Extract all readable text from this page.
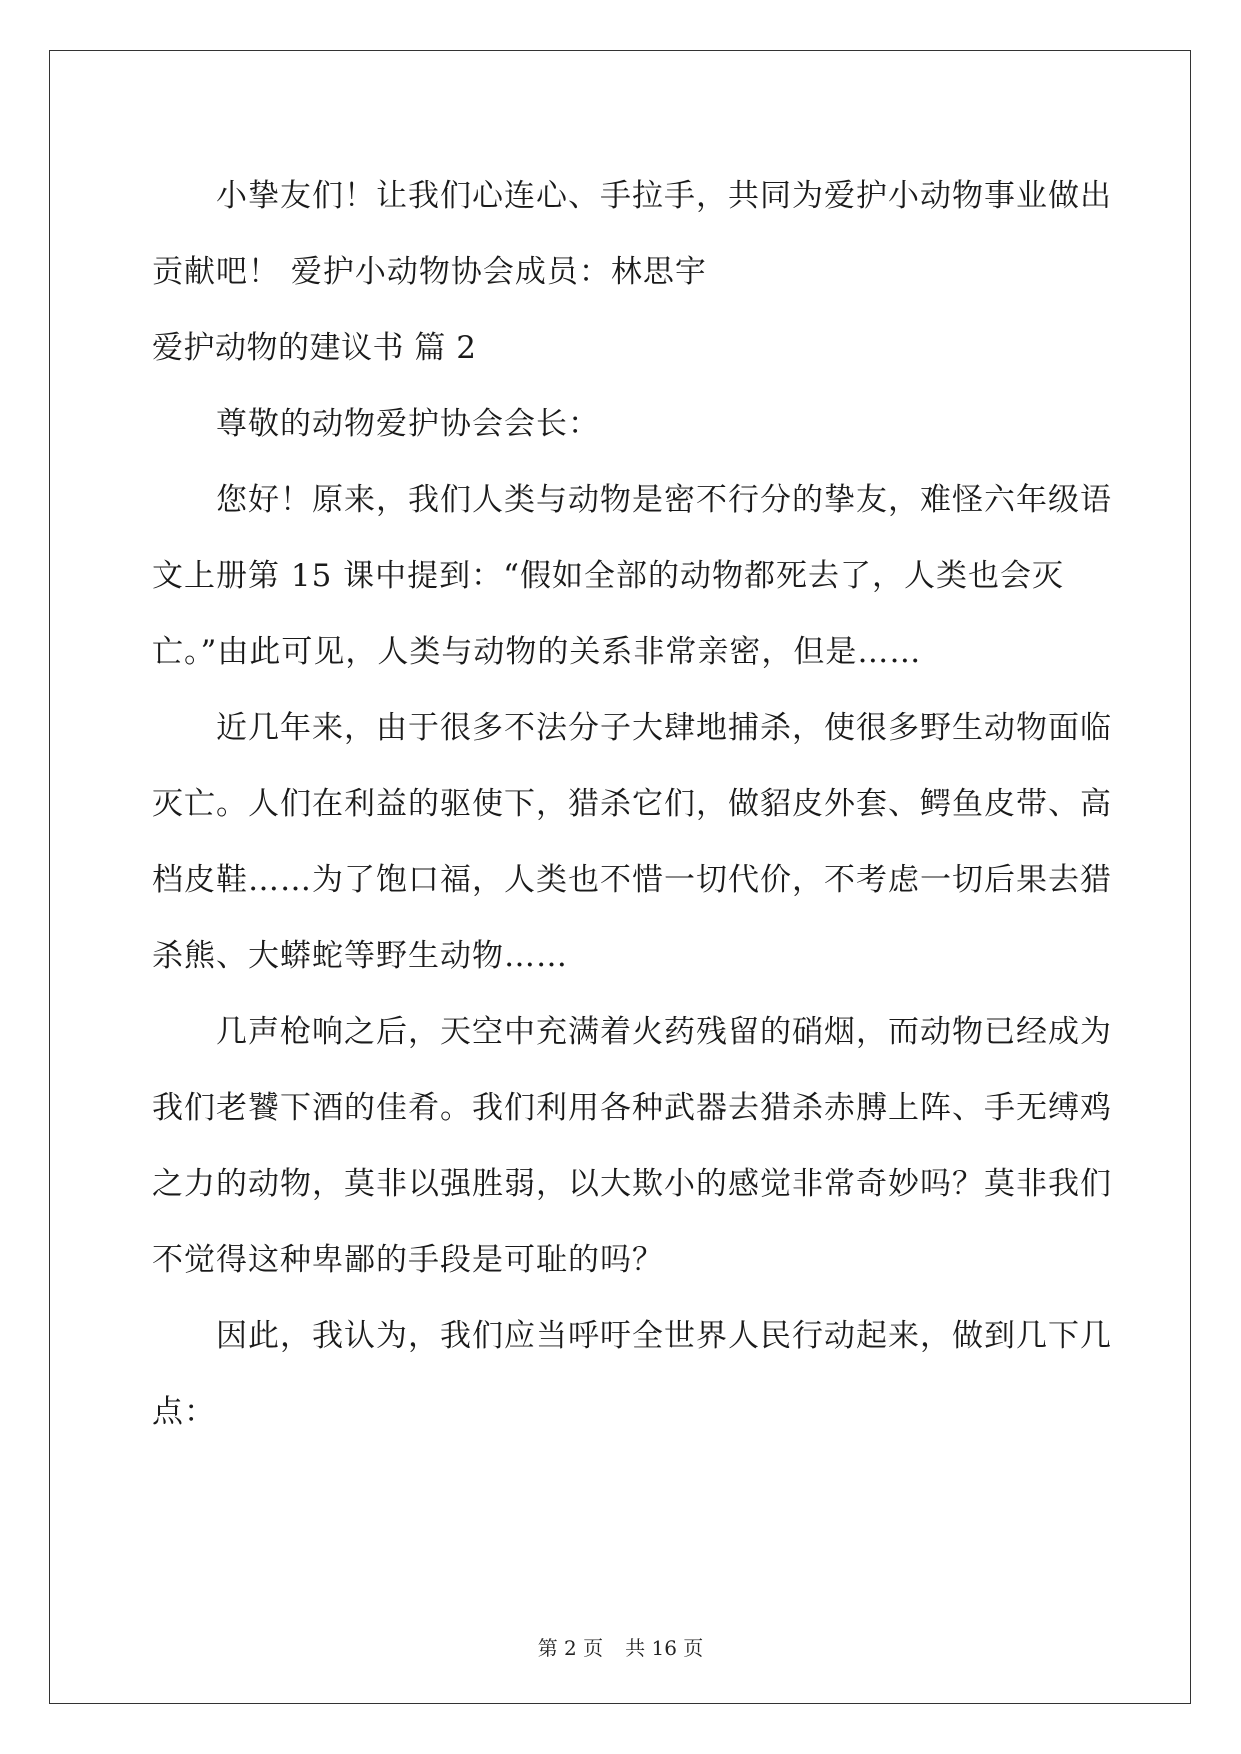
小挚友们！让我们心连心、手拉手，共同为爱护小动物事业做出
贡献吧！ 爱护小动物协会成员：林思宇
爱护动物的建议书 篇 2
尊敬的动物爱护协会会长：
您好！原来，我们人类与动物是密不行分的挚友，难怪六年级语
文上册第 15 课中提到：“假如全部的动物都死去了，人类也会灭
亡。”由此可见，人类与动物的关系非常亲密，但是……
近几年来，由于很多不法分子大肆地捕杀，使很多野生动物面临
灭亡。人们在利益的驱使下，猎杀它们，做貂皮外套、鳄鱼皮带、高
档皮鞋……为了饱口福，人类也不惜一切代价，不考虑一切后果去猎
杀熊、大蟒蛇等野生动物……
几声枪响之后，天空中充满着火药残留的硝烟，而动物已经成为
我们老饕下酒的佳肴。我们利用各种武器去猎杀赤膊上阵、手无缚鸡
之力的动物，莫非以强胜弱，以大欺小的感觉非常奇妙吗？莫非我们
不觉得这种卑鄙的手段是可耻的吗？
因此，我认为，我们应当呼吁全世界人民行动起来，做到几下几
点：
第 2 页 共 16 页
